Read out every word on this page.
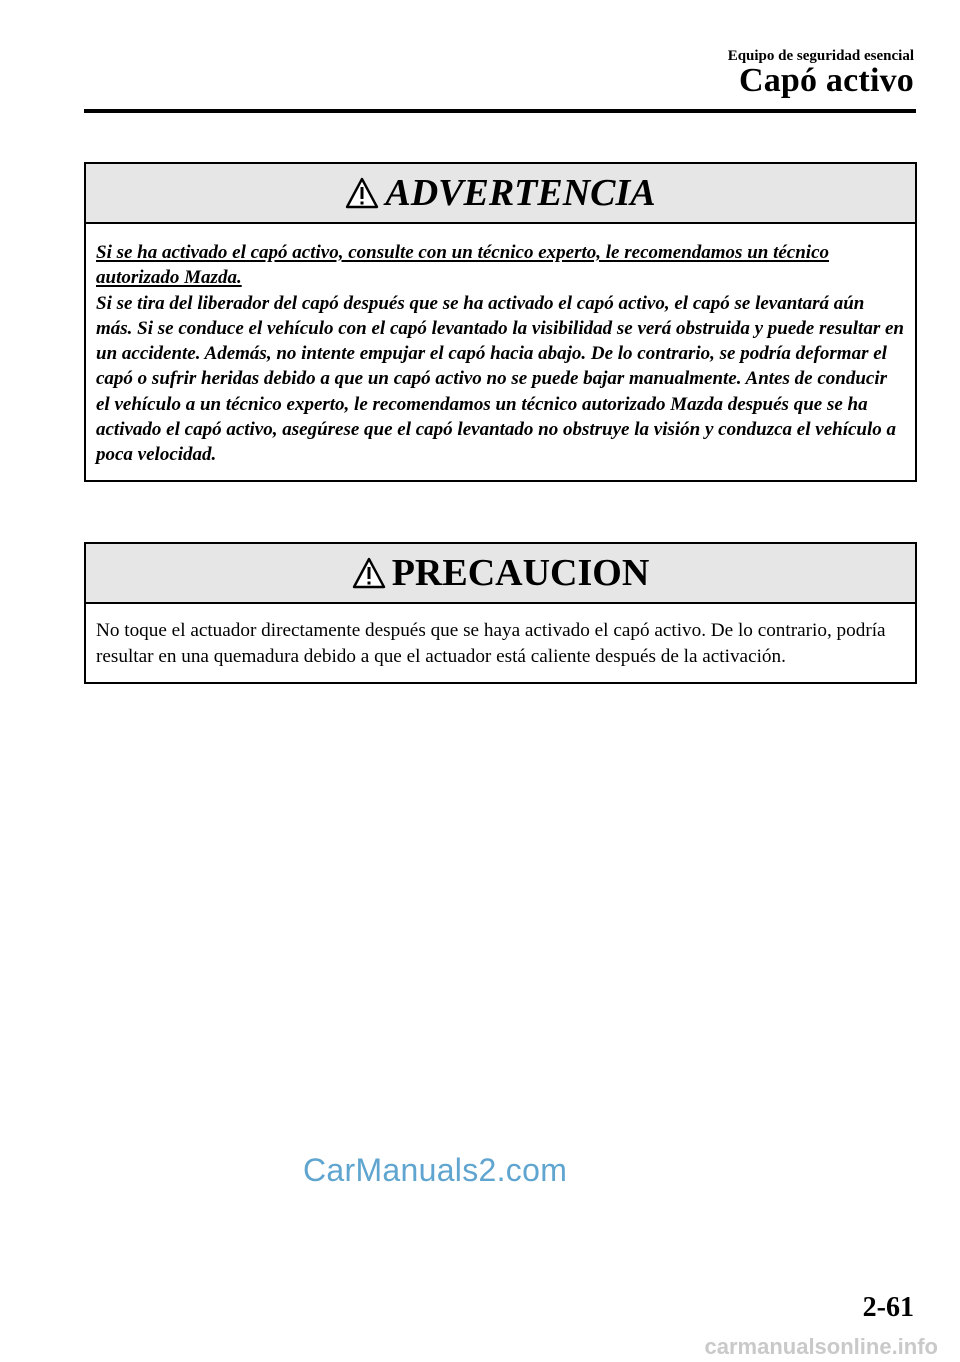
Equipo de seguridad esencial
Capó activo
ADVERTENCIA

Si se ha activado el capó activo, consulte con un técnico experto, le recomendamos un técnico autorizado Mazda.

Si se tira del liberador del capó después que se ha activado el capó activo, el capó se levantará aún más. Si se conduce el vehículo con el capó levantado la visibilidad se verá obstruida y puede resultar en un accidente. Además, no intente empujar el capó hacia abajo. De lo contrario, se podría deformar el capó o sufrir heridas debido a que un capó activo no se puede bajar manualmente. Antes de conducir el vehículo a un técnico experto, le recomendamos un técnico autorizado Mazda después que se ha activado el capó activo, asegúrese que el capó levantado no obstruye la visión y conduzca el vehículo a poca velocidad.

PRECAUCION

No toque el actuador directamente después que se haya activado el capó activo. De lo contrario, podría resultar en una quemadura debido a que el actuador está caliente después de la activación.

CarManuals2.com
2-61
carmanualsonline.info
